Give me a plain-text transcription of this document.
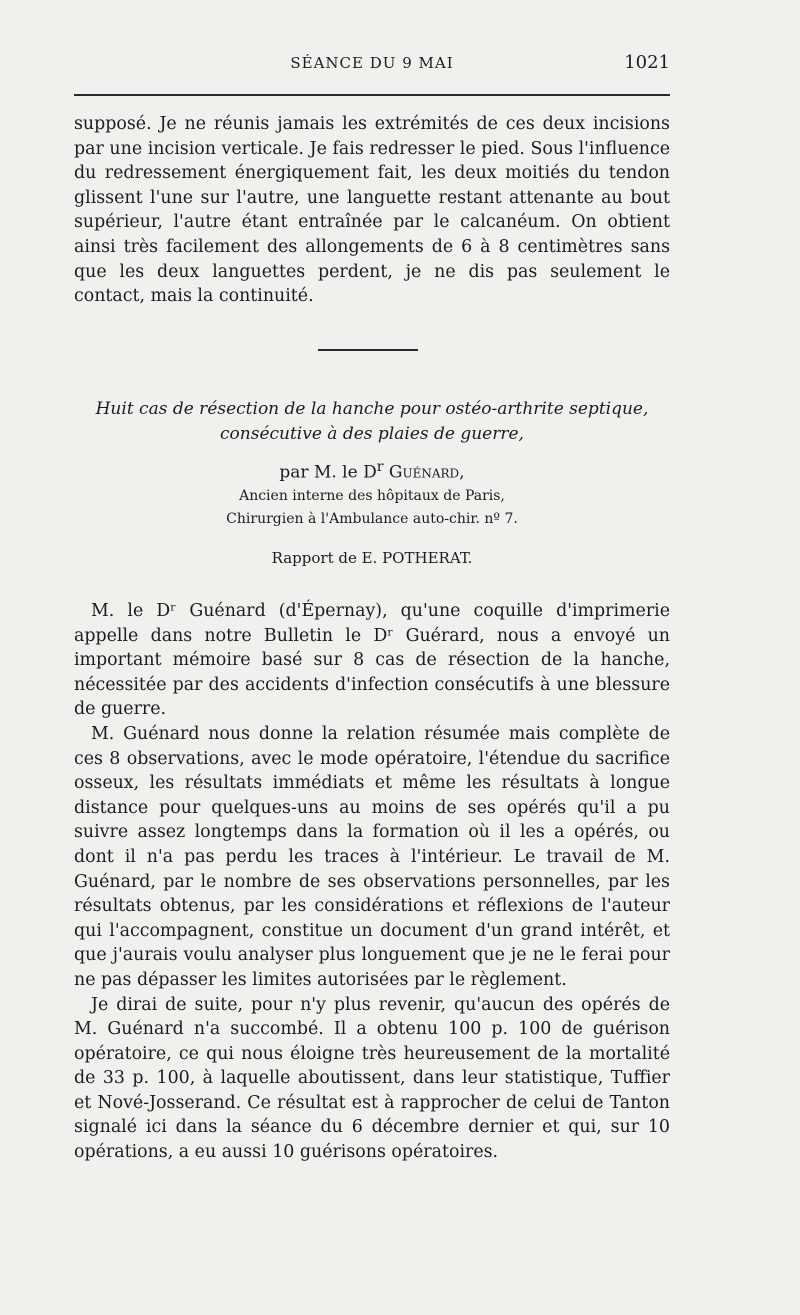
SÉANCE DU 9 MAI	1021

supposé. Je ne réunis jamais les extrémités de ces deux incisions par une incision verticale. Je fais redresser le pied. Sous l'influence du redressement énergiquement fait, les deux moitiés du tendon glissent l'une sur l'autre, une languette restant attenante au bout supérieur, l'autre étant entraînée par le calcanéum. On obtient ainsi très facilement des allongements de 6 à 8 centimètres sans que les deux languettes perdent, je ne dis pas seulement le contact, mais la continuité.

Huit cas de résection de la hanche pour ostéo-arthrite septique,

consécutive à des plaies de guerre,

par M. le $D^r$ Guénard,
Ancien interne des hôpitaux de Paris,
Chirurgien à l'Ambulance auto-chir. nº 7.
Rapport de E. POTHERAT.

M. le Dʳ Guénard (d'Épernay), qu'une coquille d'imprimerie appelle dans notre Bulletin le Dʳ Guérard, nous a envoyé un important mémoire basé sur 8 cas de résection de la hanche, nécessitée par des accidents d'infection consécutifs à une blessure de guerre.

M. Guénard nous donne la relation résumée mais complète de ces 8 observations, avec le mode opératoire, l'étendue du sacrifice osseux, les résultats immédiats et même les résultats à longue distance pour quelques-uns au moins de ses opérés qu'il a pu suivre assez longtemps dans la formation où il les a opérés, ou dont il n'a pas perdu les traces à l'intérieur. Le travail de M. Guénard, par le nombre de ses observations personnelles, par les résultats obtenus, par les considérations et réflexions de l'auteur qui l'accompagnent, constitue un document d'un grand intérêt, et que j'aurais voulu analyser plus longuement que je ne le ferai pour ne pas dépasser les limites autorisées par le règlement.

Je dirai de suite, pour n'y plus revenir, qu'aucun des opérés de M. Guénard n'a succombé. Il a obtenu 100 p. 100 de guérison opératoire, ce qui nous éloigne très heureusement de la mortalité de 33 p. 100, à laquelle aboutissent, dans leur statistique, Tuffier et Nové-Josserand. Ce résultat est à rapprocher de celui de Tanton signalé ici dans la séance du 6 décembre dernier et qui, sur 10 opérations, a eu aussi 10 guérisons opératoires.
